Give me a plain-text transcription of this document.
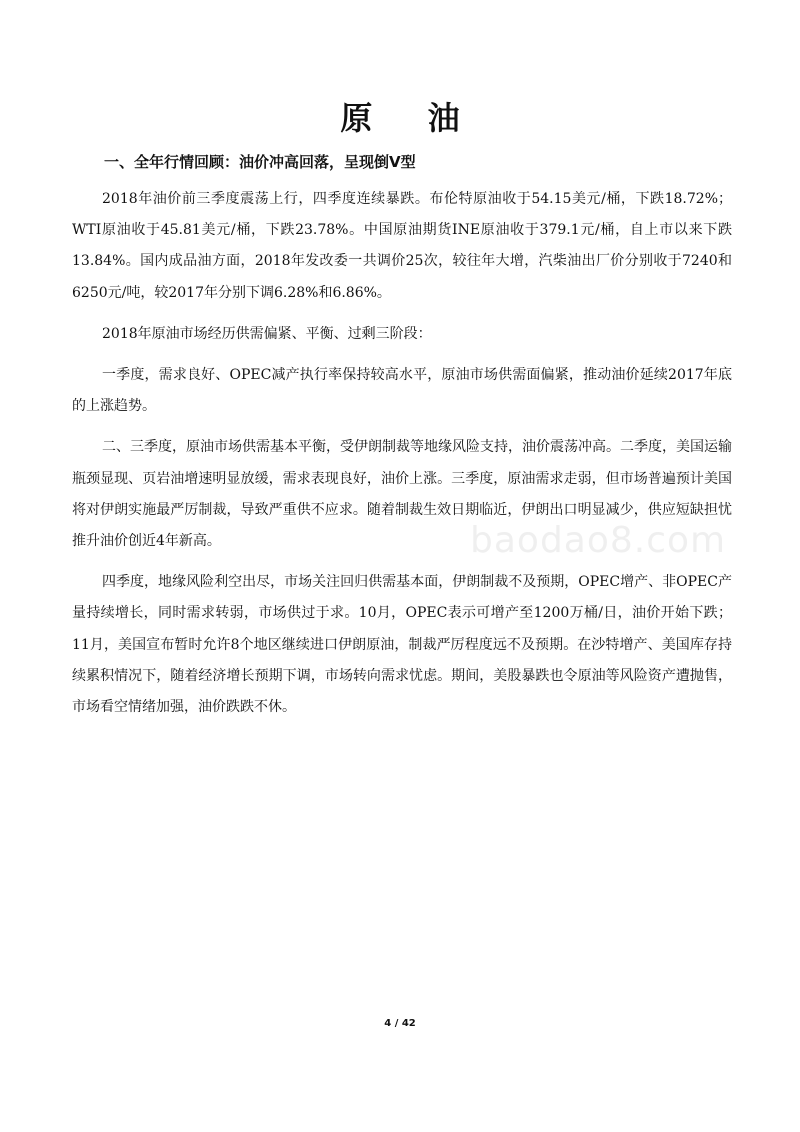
原 油
一、全年行情回顾：油价冲高回落，呈现倒Ⅴ型

2018年油价前三季度震荡上行，四季度连续暴跌。布伦特原油收于54.15美元/桶，下跌18.72%；WTI原油收于45.81美元/桶，下跌23.78%。中国原油期货INE原油收于379.1元/桶，自上市以来下跌13.84%。国内成品油方面，2018年发改委一共调价25次，较往年大增，汽柴油出厂价分别收于7240和6250元/吨，较2017年分别下调6.28%和6.86%。

2018年原油市场经历供需偏紧、平衡、过剩三阶段：

一季度，需求良好、OPEC减产执行率保持较高水平，原油市场供需面偏紧，推动油价延续2017年底的上涨趋势。

二、三季度，原油市场供需基本平衡，受伊朗制裁等地缘风险支持，油价震荡冲高。二季度，美国运输瓶颈显现、页岩油增速明显放缓，需求表现良好，油价上涨。三季度，原油需求走弱，但市场普遍预计美国将对伊朗实施最严厉制裁，导致严重供不应求。随着制裁生效日期临近，伊朗出口明显减少，供应短缺担忧推升油价创近4年新高。

四季度，地缘风险利空出尽，市场关注回归供需基本面，伊朗制裁不及预期，OPEC增产、非OPEC产量持续增长，同时需求转弱，市场供过于求。10月，OPEC表示可增产至1200万桶/日，油价开始下跌；11月，美国宣布暂时允许8个地区继续进口伊朗原油，制裁严厉程度远不及预期。在沙特增产、美国库存持续累积情况下，随着经济增长预期下调，市场转向需求忧虑。期间，美股暴跌也令原油等风险资产遭抛售，市场看空情绪加强，油价跌跌不休。

baodao8.com
4 / 42
